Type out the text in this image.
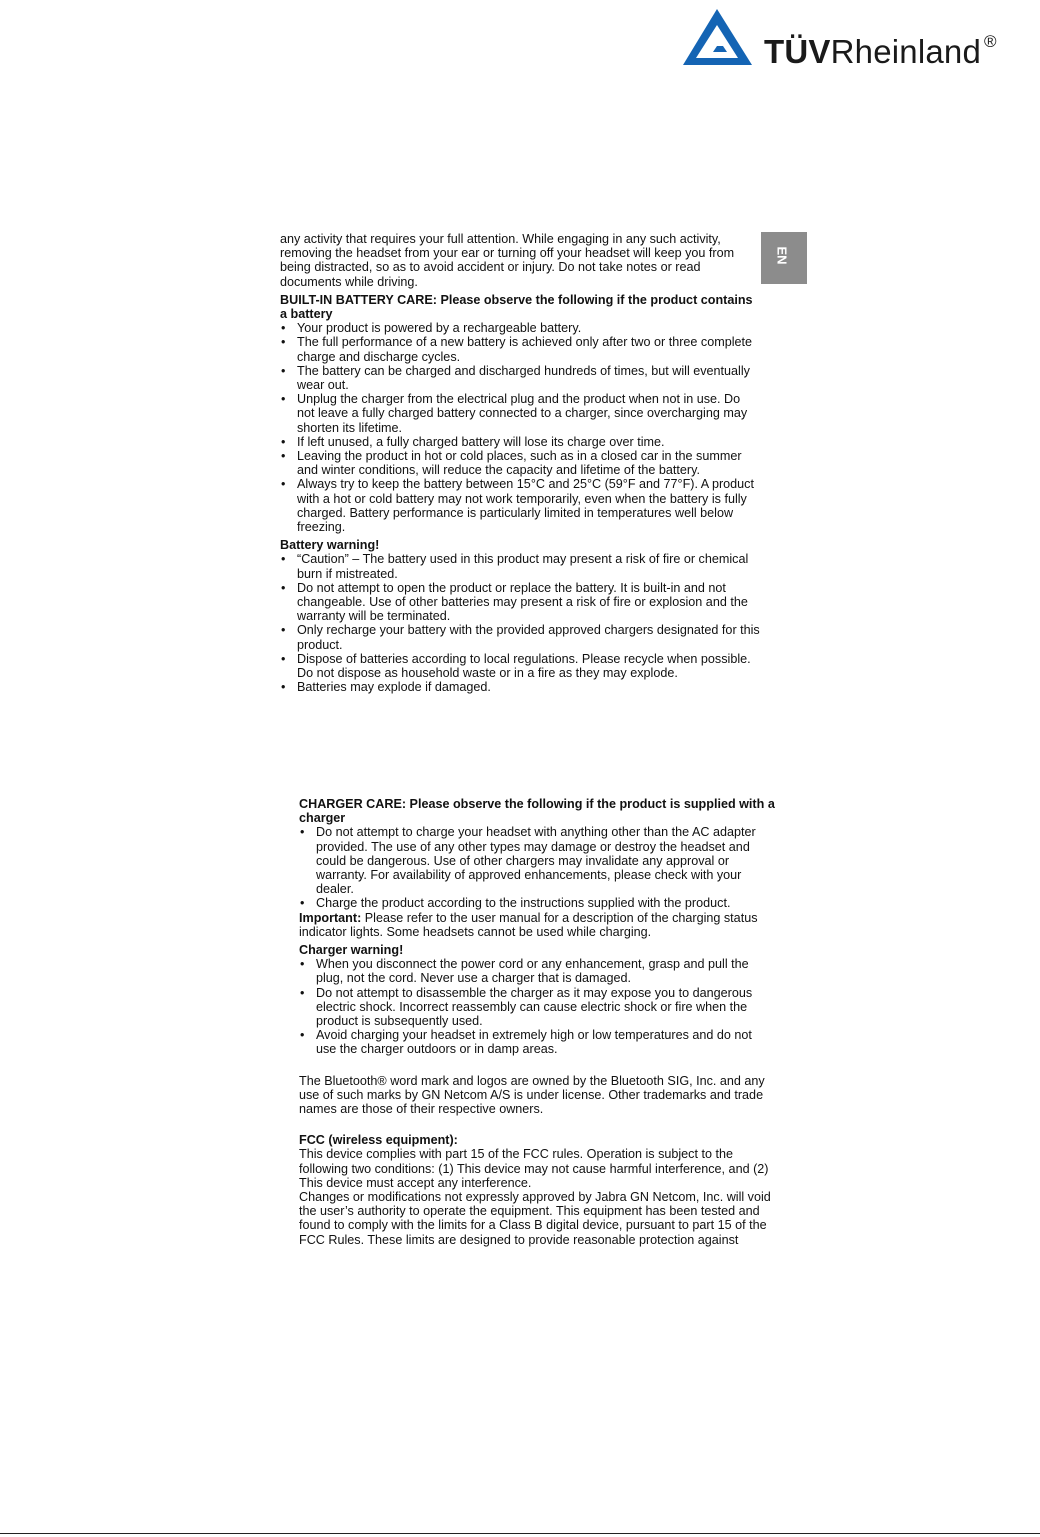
TÜVRheinland ®
EN

any activity that requires your full attention. While engaging in any such activity, removing the headset from your ear or turning off your headset will keep you from being distracted, so as to avoid accident or injury. Do not take notes or read documents while driving.

BUILT-IN BATTERY CARE: Please observe the following if the product contains a battery

• Your product is powered by a rechargeable battery.
• The full performance of a new battery is achieved only after two or three complete charge and discharge cycles.
• The battery can be charged and discharged hundreds of times, but will eventually wear out.
• Unplug the charger from the electrical plug and the product when not in use. Do not leave a fully charged battery connected to a charger, since overcharging may shorten its lifetime.
• If left unused, a fully charged battery will lose its charge over time.
• Leaving the product in hot or cold places, such as in a closed car in the summer and winter conditions, will reduce the capacity and lifetime of the battery.
• Always try to keep the battery between 15°C and 25°C (59°F and 77°F). A product with a hot or cold battery may not work temporarily, even when the battery is fully charged. Battery performance is particularly limited in temperatures well below freezing.

Battery warning!

• “Caution” – The battery used in this product may present a risk of fire or chemical burn if mistreated.
• Do not attempt to open the product or replace the battery. It is built-in and not changeable. Use of other batteries may present a risk of fire or explosion and the warranty will be terminated.
• Only recharge your battery with the provided approved chargers designated for this product.
• Dispose of batteries according to local regulations. Please recycle when possible. Do not dispose as household waste or in a fire as they may explode.
• Batteries may explode if damaged.

CHARGER CARE: Please observe the following if the product is supplied with a charger

• Do not attempt to charge your headset with anything other than the AC adapter provided. The use of any other types may damage or destroy the headset and could be dangerous. Use of other chargers may invalidate any approval or warranty. For availability of approved enhancements, please check with your dealer.
• Charge the product according to the instructions supplied with the product.

Important: Please refer to the user manual for a description of the charging status indicator lights. Some headsets cannot be used while charging.

Charger warning!

• When you disconnect the power cord or any enhancement, grasp and pull the plug, not the cord. Never use a charger that is damaged.
• Do not attempt to disassemble the charger as it may expose you to dangerous electric shock. Incorrect reassembly can cause electric shock or fire when the product is subsequently used.
• Avoid charging your headset in extremely high or low temperatures and do not use the charger outdoors or in damp areas.

The Bluetooth® word mark and logos are owned by the Bluetooth SIG, Inc. and any use of such marks by GN Netcom A/S is under license. Other trademarks and trade names are those of their respective owners.

FCC (wireless equipment):

This device complies with part 15 of the FCC rules. Operation is subject to the following two conditions: (1) This device may not cause harmful interference, and (2) This device must accept any interference.

Changes or modifications not expressly approved by Jabra GN Netcom, Inc. will void the user’s authority to operate the equipment. This equipment has been tested and found to comply with the limits for a Class B digital device, pursuant to part 15 of the FCC Rules. These limits are designed to provide reasonable protection against
